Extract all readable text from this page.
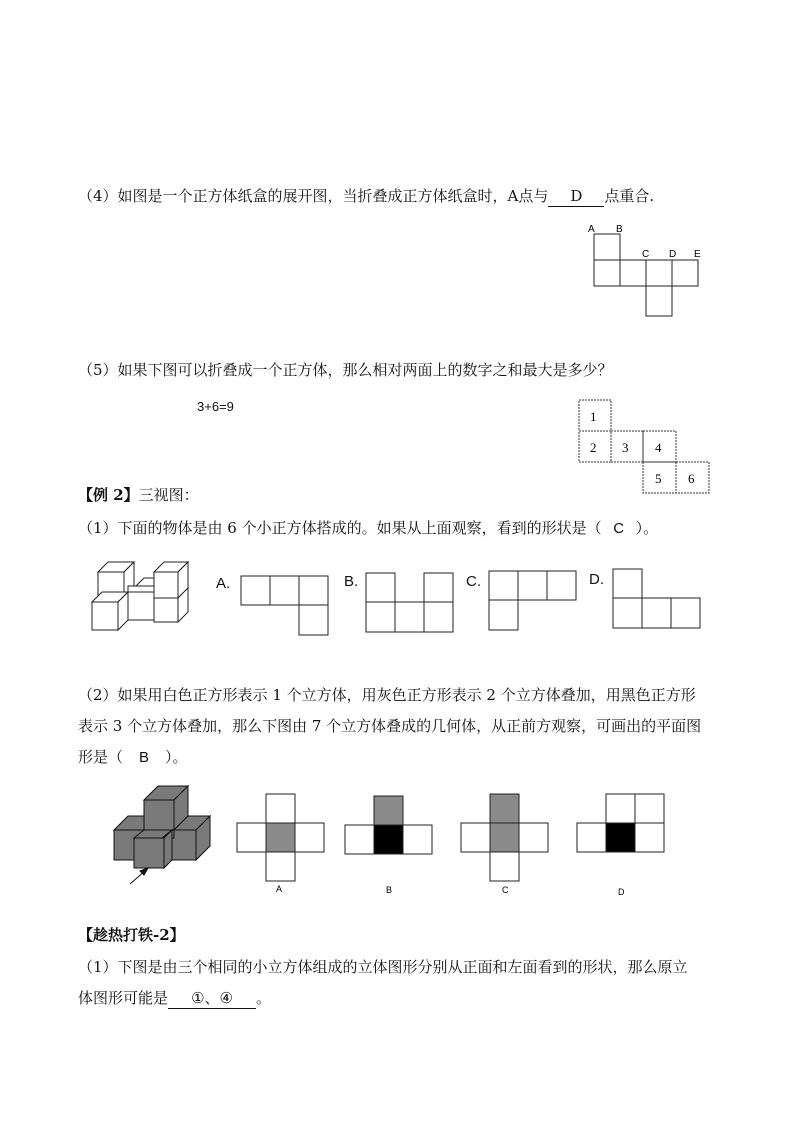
（4）如图是一个正方体纸盒的展开图，当折叠成正方体纸盒时，A点与 D 点重合.
A B
C D E
（5）如果下图可以折叠成一个正方体，那么相对两面上的数字之和最大是多少？
3+6=9
1
2 3 4
5 6
【例 2】三视图：
（1）下面的物体是由 6 个小正方体搭成的。如果从上面观察，看到的形状是（ C ）。
A.	B.	C.	D.
（2）如果用白色正方形表示 1 个立方体，用灰色正方形表示 2 个立方体叠加，用黑色正方形
表示 3 个立方体叠加，那么下图由 7 个立方体叠成的几何体，从正前方观察，可画出的平面图
形是（ B ）。
A	B	C	D
【趁热打铁-2】
（1）下图是由三个相同的小立方体组成的立体图形分别从正面和左面看到的形状，那么原立
体图形可能是 ①、④ 。
